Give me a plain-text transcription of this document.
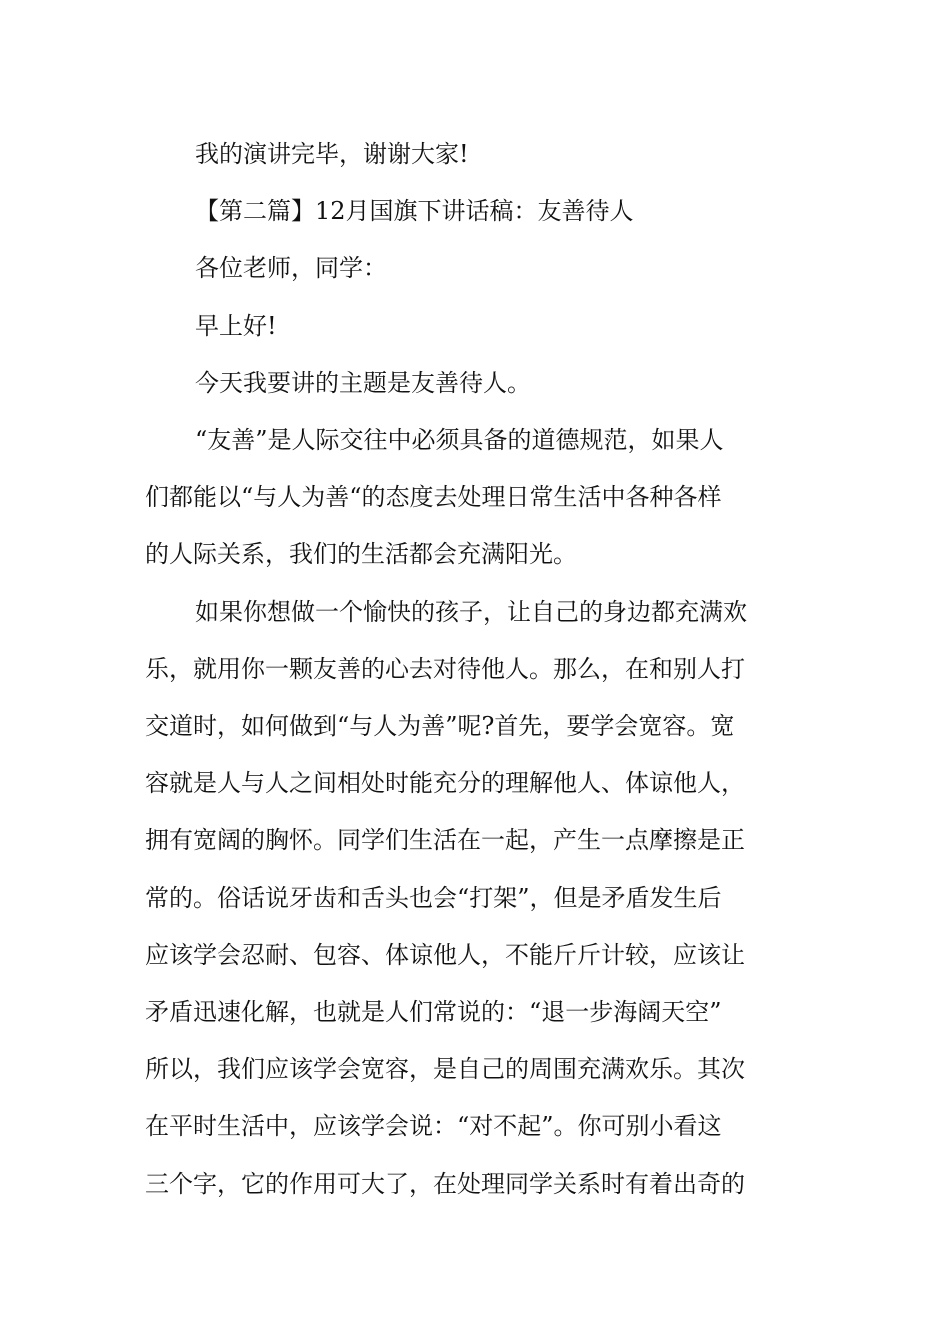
我的演讲完毕，谢谢大家!

【第二篇】12月国旗下讲话稿：友善待人

各位老师，同学：

早上好!

今天我要讲的主题是友善待人。

“友善”是人际交往中必须具备的道德规范，如果人

们都能以“与人为善“的态度去处理日常生活中各种各样

的人际关系，我们的生活都会充满阳光。

如果你想做一个愉快的孩子，让自己的身边都充满欢

乐，就用你一颗友善的心去对待他人。那么，在和别人打

交道时，如何做到“与人为善”呢?首先，要学会宽容。宽

容就是人与人之间相处时能充分的理解他人、体谅他人，

拥有宽阔的胸怀。同学们生活在一起，产生一点摩擦是正

常的。俗话说牙齿和舌头也会“打架”，但是矛盾发生后

应该学会忍耐、包容、体谅他人，不能斤斤计较，应该让

矛盾迅速化解，也就是人们常说的：“退一步海阔天空”

所以，我们应该学会宽容，是自己的周围充满欢乐。其次

在平时生活中，应该学会说：“对不起”。你可别小看这

三个字，它的作用可大了，在处理同学关系时有着出奇的
